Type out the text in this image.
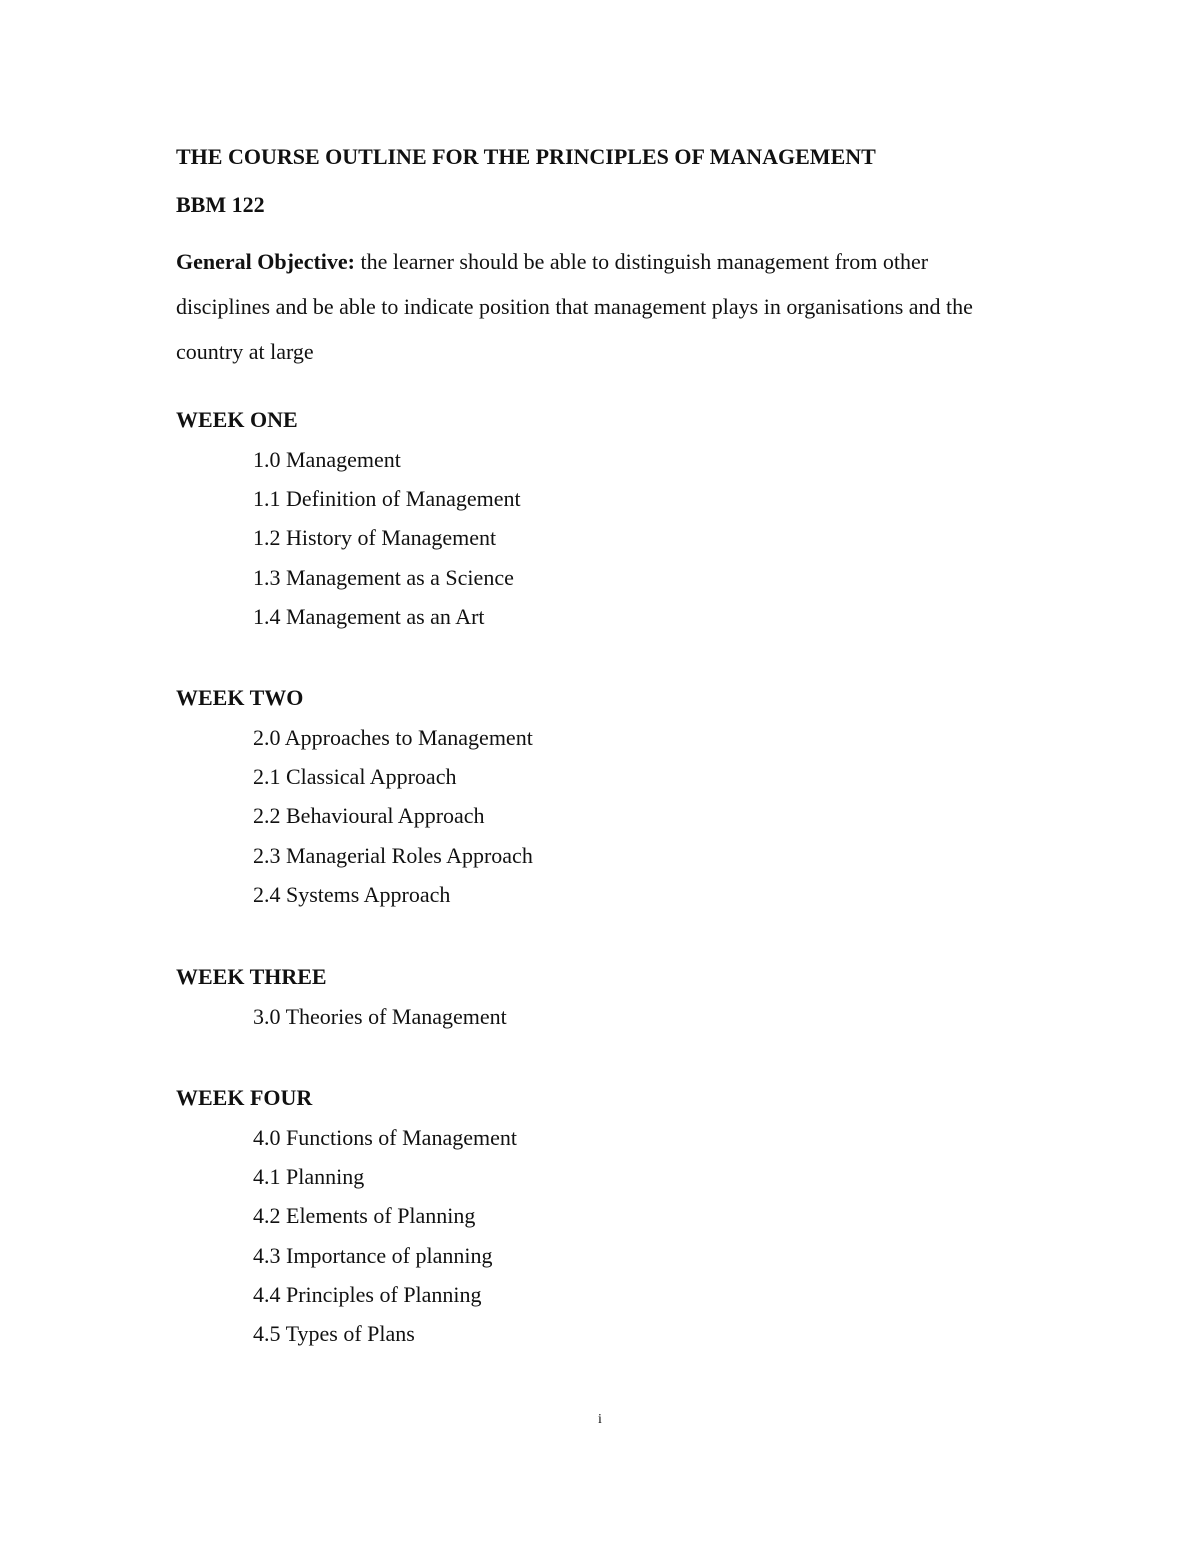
THE COURSE OUTLINE FOR THE PRINCIPLES OF MANAGEMENT
BBM 122

General Objective: the learner should be able to distinguish management from other disciplines and be able to indicate position that management plays in organisations and the country at large

WEEK ONE
1.0 Management
1.1 Definition of Management
1.2 History of Management
1.3 Management as a Science
1.4 Management as an Art
WEEK TWO
2.0 Approaches to Management
2.1 Classical Approach
2.2 Behavioural Approach
2.3 Managerial Roles Approach
2.4 Systems Approach
WEEK THREE
3.0 Theories of Management
WEEK FOUR
4.0 Functions of Management
4.1 Planning
4.2 Elements of Planning
4.3 Importance of planning
4.4 Principles of Planning
4.5 Types of Plans
i
